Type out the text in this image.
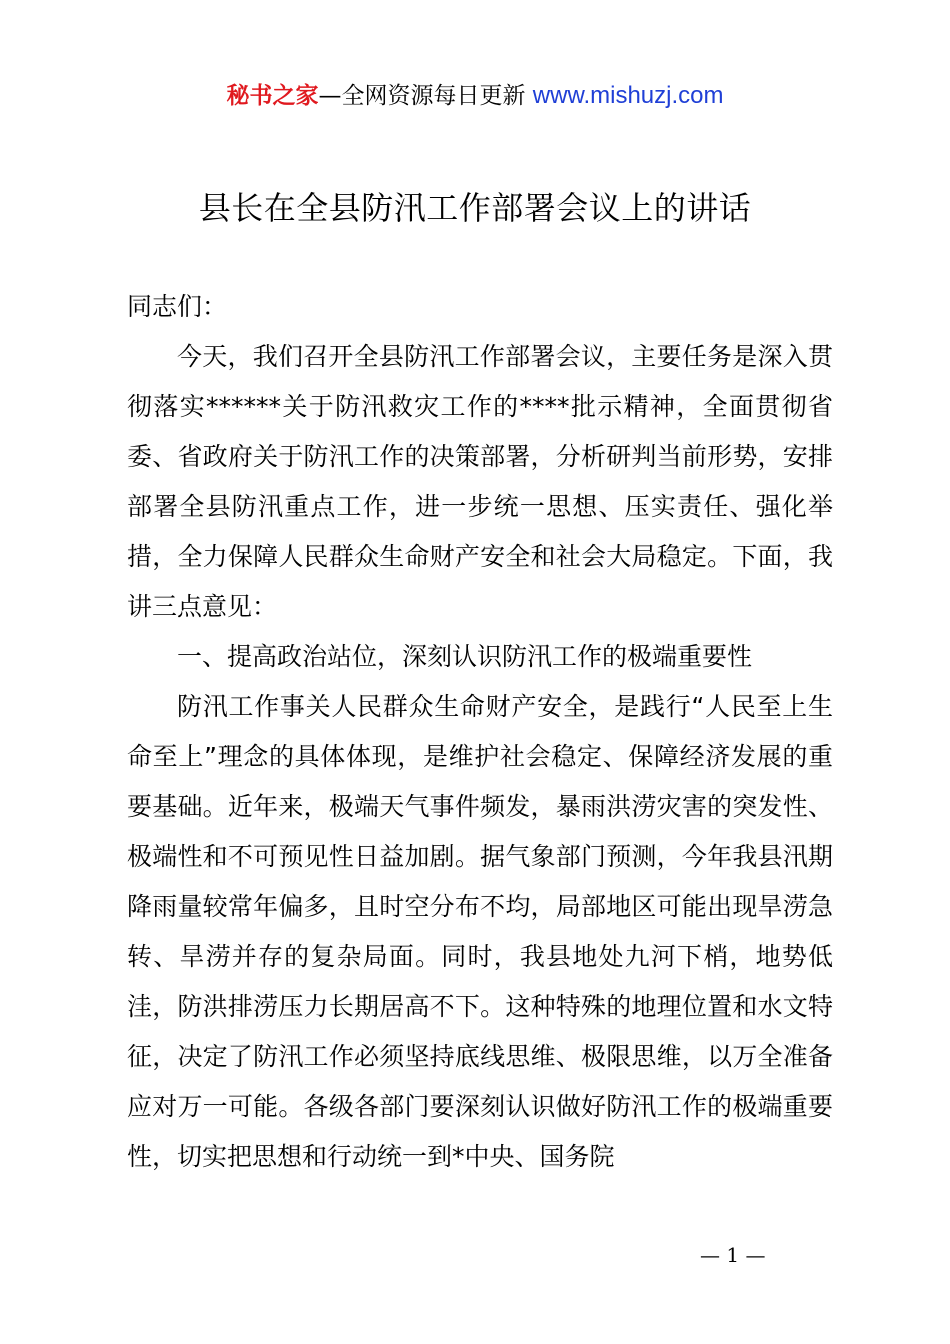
秘书之家—全网资源每日更新 www.mishuzj.com
县长在全县防汛工作部署会议上的讲话

同志们：

今天，我们召开全县防汛工作部署会议，主要任务是深入贯彻落实******关于防汛救灾工作的****批示精神，全面贯彻省委、省政府关于防汛工作的决策部署，分析研判当前形势，安排部署全县防汛重点工作，进一步统一思想、压实责任、强化举措，全力保障人民群众生命财产安全和社会大局稳定。下面，我讲三点意见：

一、提高政治站位，深刻认识防汛工作的极端重要性

防汛工作事关人民群众生命财产安全，是践行“人民至上生命至上”理念的具体体现，是维护社会稳定、保障经济发展的重要基础。近年来，极端天气事件频发，暴雨洪涝灾害的突发性、极端性和不可预见性日益加剧。据气象部门预测，今年我县汛期降雨量较常年偏多，且时空分布不均，局部地区可能出现旱涝急转、旱涝并存的复杂局面。同时，我县地处九河下梢，地势低洼，防洪排涝压力长期居高不下。这种特殊的地理位置和水文特征，决定了防汛工作必须坚持底线思维、极限思维，以万全准备应对万一可能。各级各部门要深刻认识做好防汛工作的极端重要性，切实把思想和行动统一到*中央、国务院

— 1 —
